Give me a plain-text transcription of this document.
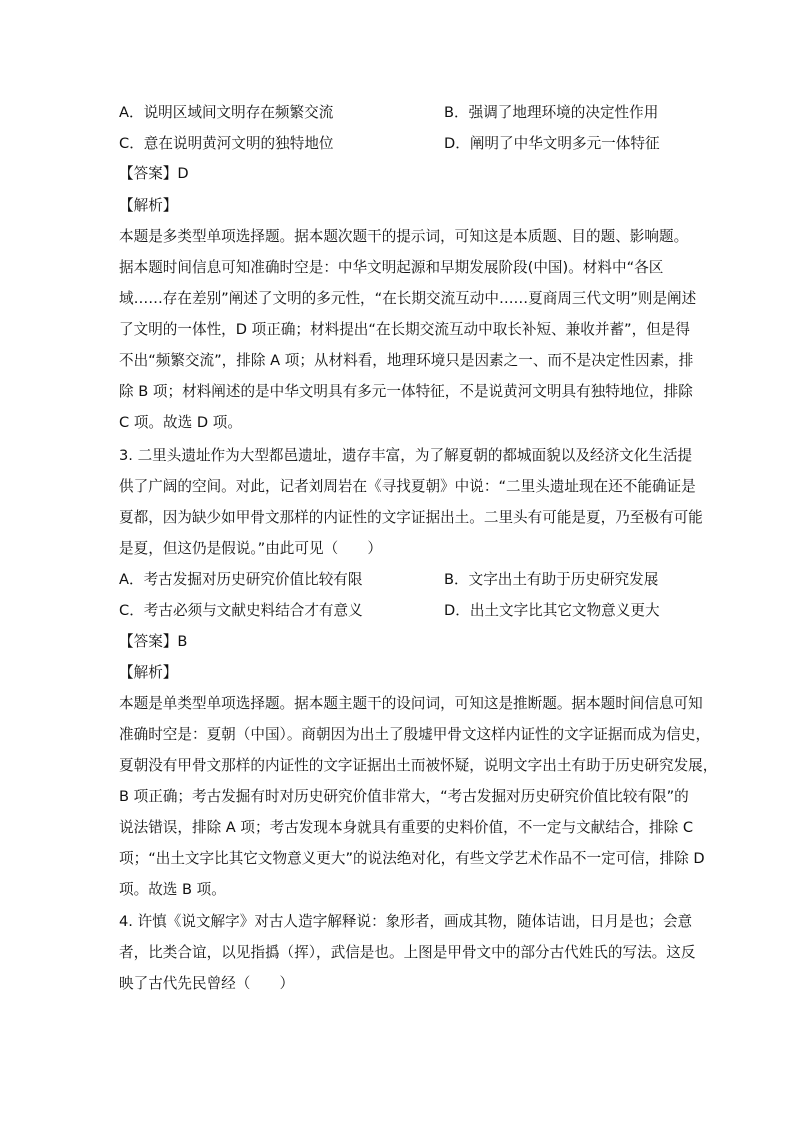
A．说明区域间文明存在频繁交流	B．强调了地理环境的决定性作用
C．意在说明黄河文明的独特地位	D．阐明了中华文明多元一体特征
【答案】D
【解析】
本题是多类型单项选择题。据本题次题干的提示词，可知这是本质题、目的题、影响题。
据本题时间信息可知准确时空是：中华文明起源和早期发展阶段(中国)。材料中“各区
域……存在差别”阐述了文明的多元性，“在长期交流互动中……夏商周三代文明”则是阐述
了文明的一体性，D 项正确；材料提出“在长期交流互动中取长补短、兼收并蓄”，但是得
不出“频繁交流”，排除 A 项；从材料看，地理环境只是因素之一、而不是决定性因素，排
除 B 项；材料阐述的是中华文明具有多元一体特征，不是说黄河文明具有独特地位，排除
C 项。故选 D 项。
3. 二里头遗址作为大型都邑遗址，遗存丰富，为了解夏朝的都城面貌以及经济文化生活提
供了广阔的空间。对此，记者刘周岩在《寻找夏朝》中说：“二里头遗址现在还不能确证是
夏都，因为缺少如甲骨文那样的内证性的文字证据出土。二里头有可能是夏，乃至极有可能
是夏，但这仍是假说。”由此可见（　　）
A．考古发掘对历史研究价值比较有限	B．文字出土有助于历史研究发展
C．考古必须与文献史料结合才有意义	D．出土文字比其它文物意义更大
【答案】B
【解析】
本题是单类型单项选择题。据本题主题干的设问词，可知这是推断题。据本题时间信息可知
准确时空是：夏朝（中国）。商朝因为出土了殷墟甲骨文这样内证性的文字证据而成为信史，
夏朝没有甲骨文那样的内证性的文字证据出土而被怀疑，说明文字出土有助于历史研究发展，
B 项正确；考古发掘有时对历史研究价值非常大，“考古发掘对历史研究价值比较有限”的
说法错误，排除 A 项；考古发现本身就具有重要的史料价值，不一定与文献结合，排除 C
项；“出土文字比其它文物意义更大”的说法绝对化，有些文学艺术作品不一定可信，排除 D
项。故选 B 项。
4. 许慎《说文解字》对古人造字解释说：象形者，画成其物，随体诘诎，日月是也；会意
者，比类合谊，以见指撝（挥），武信是也。上图是甲骨文中的部分古代姓氏的写法。这反
映了古代先民曾经（　　）
